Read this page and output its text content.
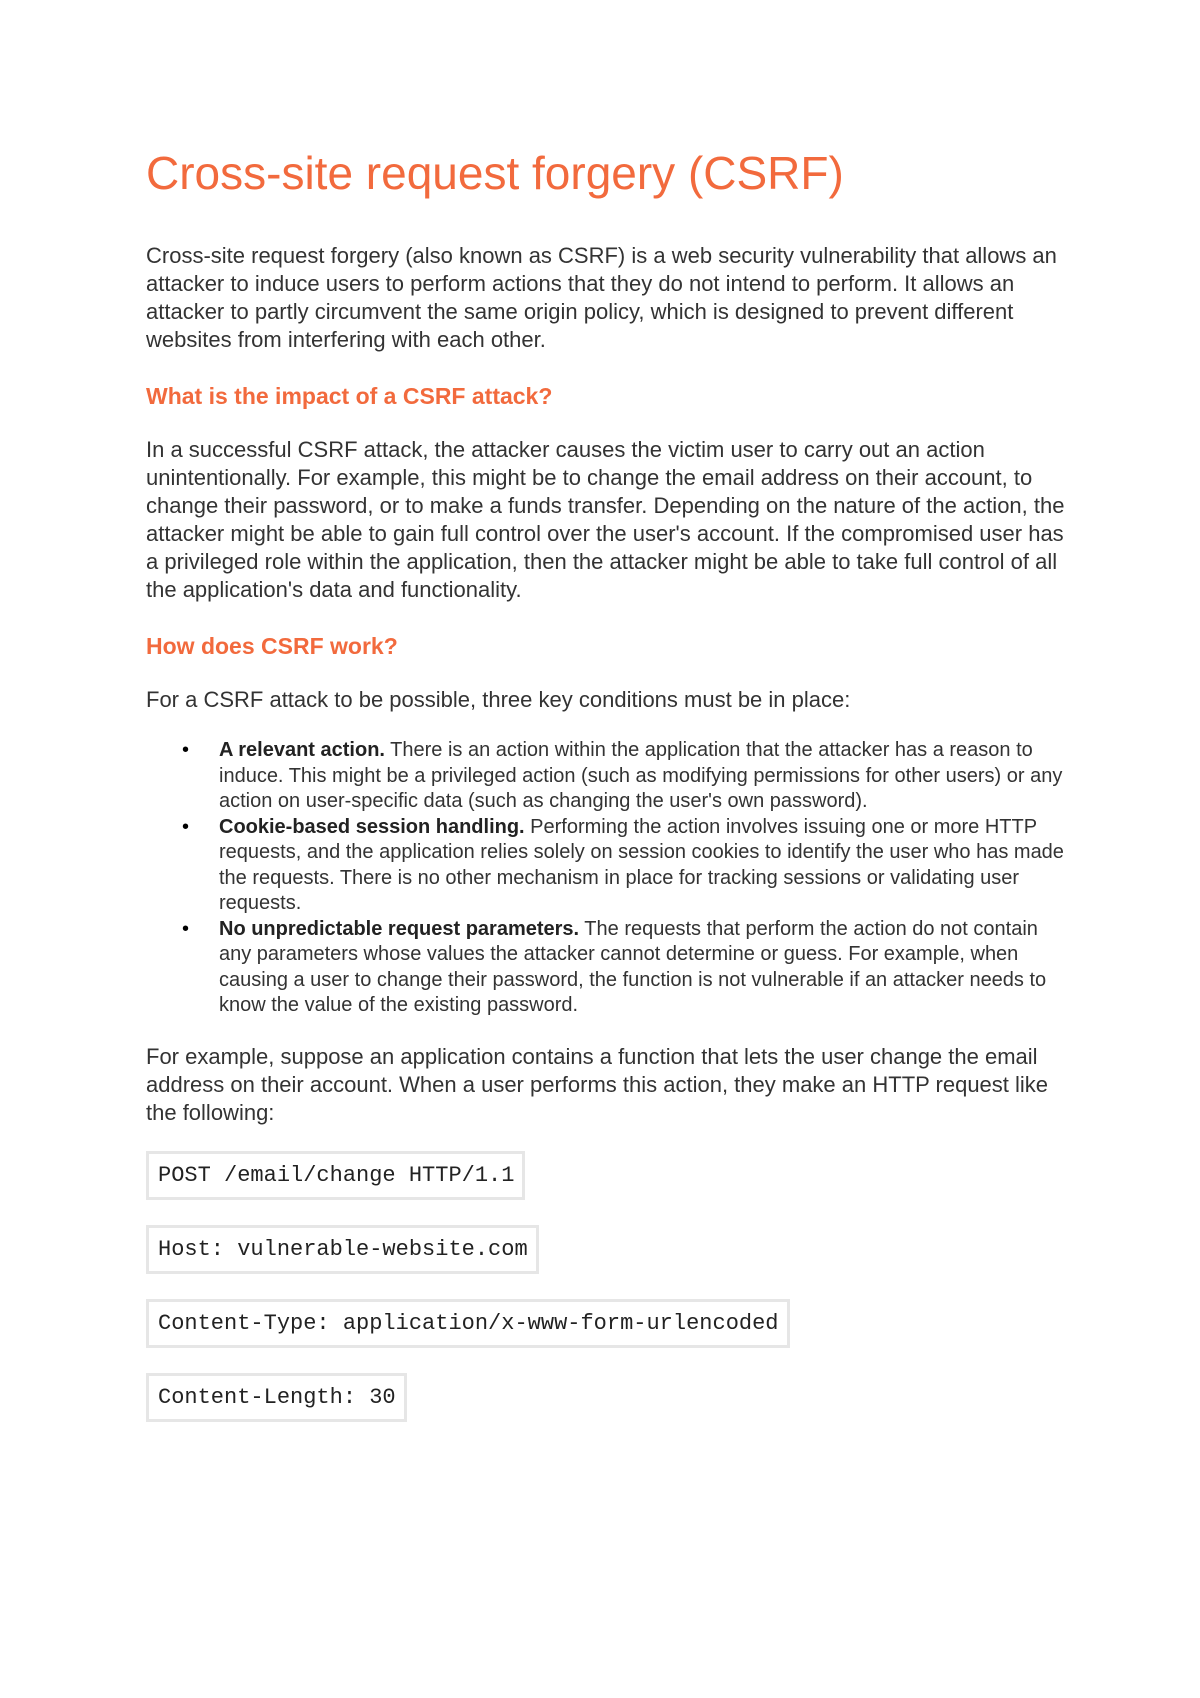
Cross-site request forgery (CSRF)

Cross-site request forgery (also known as CSRF) is a web security vulnerability that allows an attacker to induce users to perform actions that they do not intend to perform. It allows an attacker to partly circumvent the same origin policy, which is designed to prevent different websites from interfering with each other.

What is the impact of a CSRF attack?

In a successful CSRF attack, the attacker causes the victim user to carry out an action unintentionally. For example, this might be to change the email address on their account, to change their password, or to make a funds transfer. Depending on the nature of the action, the attacker might be able to gain full control over the user's account. If the compromised user has a privileged role within the application, then the attacker might be able to take full control of all the application's data and functionality.

How does CSRF work?

For a CSRF attack to be possible, three key conditions must be in place:

• A relevant action. There is an action within the application that the attacker has a reason to induce. This might be a privileged action (such as modifying permissions for other users) or any action on user-specific data (such as changing the user's own password).
• Cookie-based session handling. Performing the action involves issuing one or more HTTP requests, and the application relies solely on session cookies to identify the user who has made the requests. There is no other mechanism in place for tracking sessions or validating user requests.
• No unpredictable request parameters. The requests that perform the action do not contain any parameters whose values the attacker cannot determine or guess. For example, when causing a user to change their password, the function is not vulnerable if an attacker needs to know the value of the existing password.

For example, suppose an application contains a function that lets the user change the email address on their account. When a user performs this action, they make an HTTP request like the following:

POST /email/change HTTP/1.1
Host: vulnerable-website.com
Content-Type: application/x-www-form-urlencoded
Content-Length: 30
